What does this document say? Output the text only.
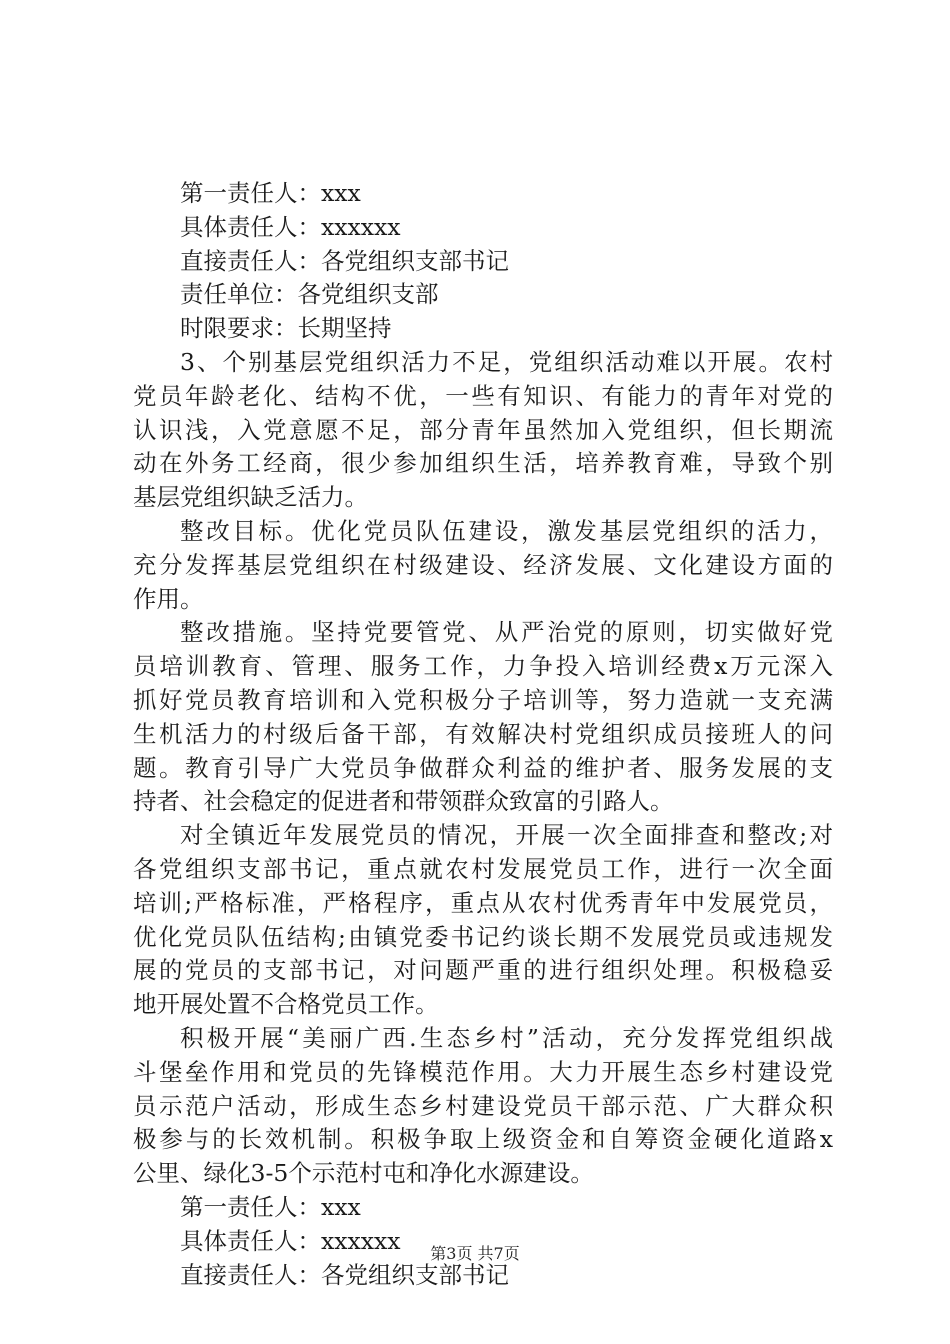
第一责任人：xxx
具体责任人：xxxxxx
直接责任人：各党组织支部书记
责任单位：各党组织支部
时限要求：长期坚持
3、个别基层党组织活力不足，党组织活动难以开展。农村
党员年龄老化、结构不优，一些有知识、有能力的青年对党的
认识浅，入党意愿不足，部分青年虽然加入党组织，但长期流
动在外务工经商，很少参加组织生活，培养教育难，导致个别
基层党组织缺乏活力。
整改目标。优化党员队伍建设，激发基层党组织的活力，
充分发挥基层党组织在村级建设、经济发展、文化建设方面的
作用。
整改措施。坚持党要管党、从严治党的原则，切实做好党
员培训教育、管理、服务工作，力争投入培训经费x万元深入
抓好党员教育培训和入党积极分子培训等，努力造就一支充满
生机活力的村级后备干部，有效解决村党组织成员接班人的问
题。教育引导广大党员争做群众利益的维护者、服务发展的支
持者、社会稳定的促进者和带领群众致富的引路人。
对全镇近年发展党员的情况，开展一次全面排查和整改;对
各党组织支部书记，重点就农村发展党员工作，进行一次全面
培训;严格标准，严格程序，重点从农村优秀青年中发展党员，
优化党员队伍结构;由镇党委书记约谈长期不发展党员或违规发
展的党员的支部书记，对问题严重的进行组织处理。积极稳妥
地开展处置不合格党员工作。
积极开展“美丽广西.生态乡村”活动，充分发挥党组织战
斗堡垒作用和党员的先锋模范作用。大力开展生态乡村建设党
员示范户活动，形成生态乡村建设党员干部示范、广大群众积
极参与的长效机制。积极争取上级资金和自筹资金硬化道路x
公里、绿化3-5个示范村屯和净化水源建设。
第一责任人：xxx
具体责任人：xxxxxx
直接责任人：各党组织支部书记
第3页 共7页
